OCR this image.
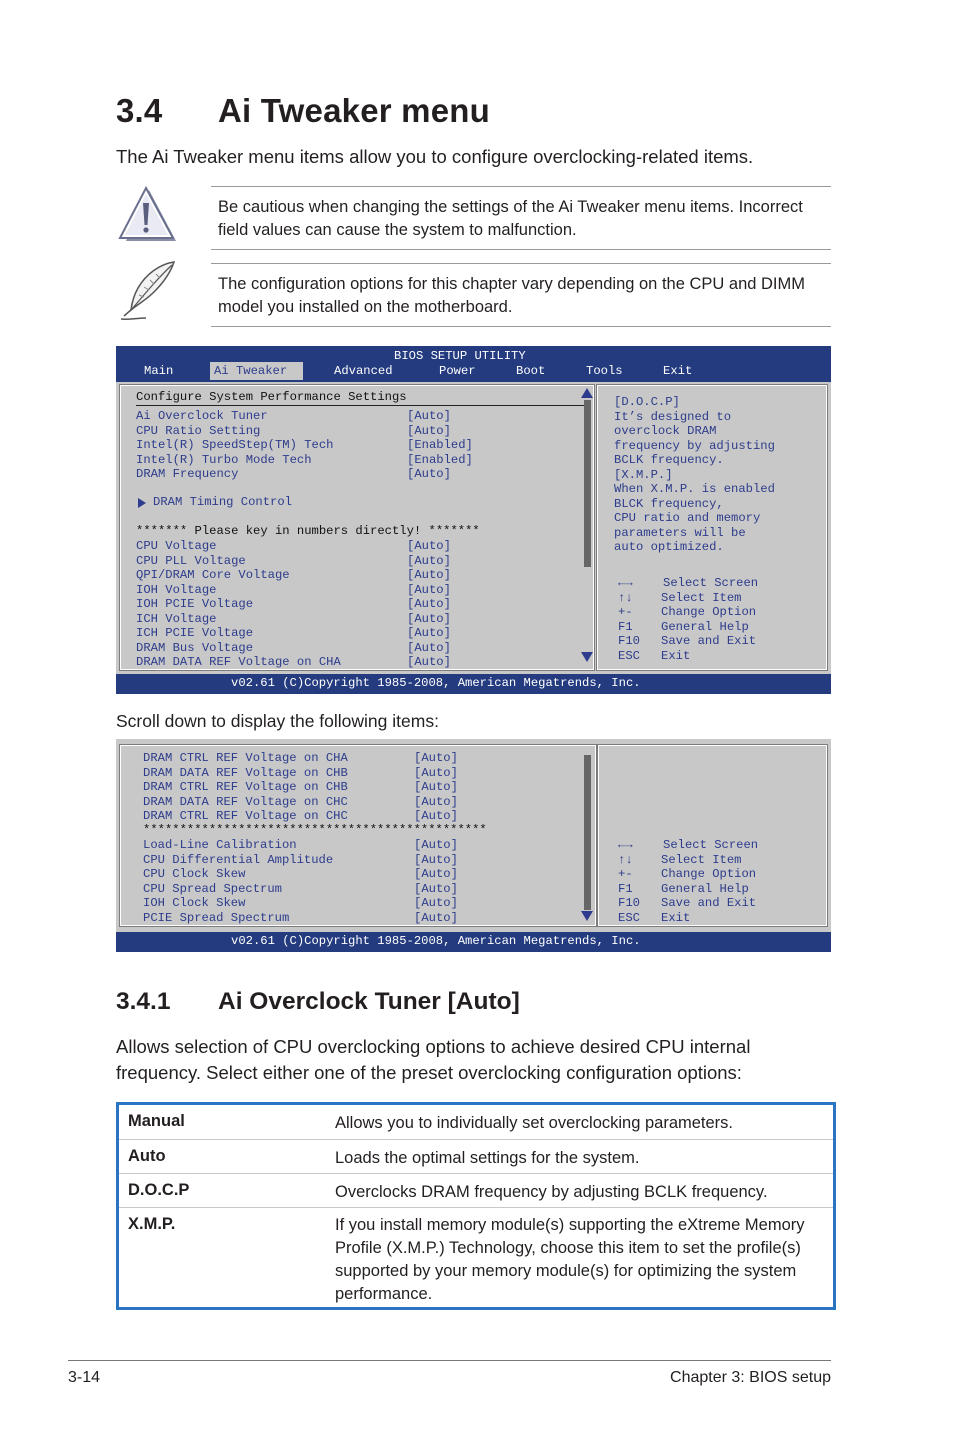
3.4 Ai Tweaker menu
The Ai Tweaker menu items allow you to configure overclocking-related items.
Be cautious when changing the settings of the Ai Tweaker menu items. Incorrect field values can cause the system to malfunction.
The configuration options for this chapter vary depending on the CPU and DIMM model you installed on the motherboard.

BIOS SETUP UTILITY

Main

	Ai Tweaker

	Advanced

	Power

	Boot

	Tools

	Exit

Configure System Performance Settings
Ai Overclock Tuner	[Auto]
CPU Ratio Setting	[Auto]
Intel(R) SpeedStep(TM) Tech	[Enabled]
Intel(R) Turbo Mode Tech	[Enabled]
DRAM Frequency	[Auto]
DRAM Timing Control
******* Please key in numbers directly! *******
CPU Voltage	[Auto]
CPU PLL Voltage	[Auto]
QPI/DRAM Core Voltage	[Auto]
IOH Voltage	[Auto]
IOH PCIE Voltage	[Auto]
ICH Voltage	[Auto]
ICH PCIE Voltage	[Auto]
DRAM Bus Voltage	[Auto]
DRAM DATA REF Voltage on CHA	[Auto]
[D.O.C.P]
It’s designed to
overclock DRAM
frequency by adjusting
BCLK frequency.
[X.M.P.]
When X.M.P. is enabled
BLCK frequency,
CPU ratio and memory
parameters will be
auto optimized.
←→ Select Screen
↑↓ Select Item
+- Change Option
F1 General Help
F10 Save and Exit
ESC Exit

v02.61 (C)Copyright 1985-2008, American Megatrends, Inc.

Scroll down to display the following items:
DRAM CTRL REF Voltage on CHA	[Auto]
DRAM DATA REF Voltage on CHB	[Auto]
DRAM CTRL REF Voltage on CHB	[Auto]
DRAM DATA REF Voltage on CHC	[Auto]
DRAM CTRL REF Voltage on CHC	[Auto]
***********************************************
Load-Line Calibration	[Auto]
CPU Differential Amplitude	[Auto]
CPU Clock Skew	[Auto]
CPU Spread Spectrum	[Auto]
IOH Clock Skew	[Auto]
PCIE Spread Spectrum	[Auto]
←→ Select Screen
↑↓ Select Item
+- Change Option
F1 General Help
F10 Save and Exit
ESC Exit

v02.61 (C)Copyright 1985-2008, American Megatrends, Inc.

3.4.1 Ai Overclock Tuner [Auto]
Allows selection of CPU overclocking options to achieve desired CPU internal frequency. Select either one of the preset overclocking configuration options:
Manual	Allows you to individually set overclocking parameters.
Auto	Loads the optimal settings for the system.
D.O.C.P	Overclocks DRAM frequency by adjusting BCLK frequency.
X.M.P.	If you install memory module(s) supporting the eXtreme Memory Profile (X.M.P.) Technology, choose this item to set the profile(s) supported by your memory module(s) for optimizing the system performance.
3-14	Chapter 3: BIOS setup
